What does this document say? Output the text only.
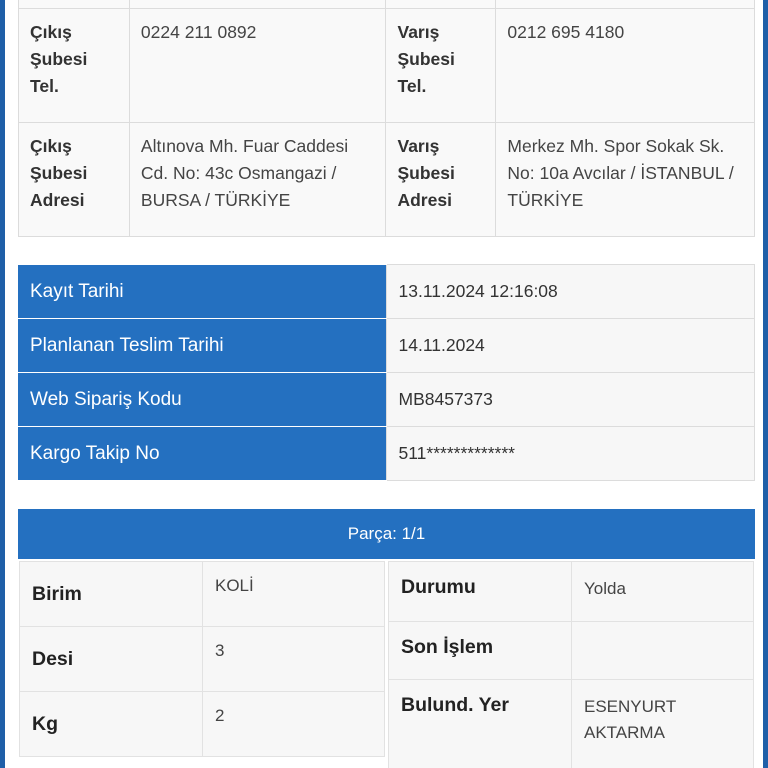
Çıkış Şubesi Tel.	0224 211 0892	Varış Şubesi Tel.	0212 695 4180
Çıkış Şubesi Adresi	Altınova Mh. Fuar Caddesi Cd. No: 43c Osmangazi / BURSA / TÜRKİYE	Varış Şubesi Adresi	Merkez Mh. Spor Sokak Sk. No: 10a Avcılar / İSTANBUL / TÜRKİYE
Kayıt Tarihi	13.11.2024 12:16:08
Planlanan Teslim Tarihi	14.11.2024
Web Sipariş Kodu	MB8457373
Kargo Takip No	511*************
Parça: 1/1
Birim	KOLİ
Desi	3
Kg	2
Durumu	Yolda
Son İşlem	
Bulund. Yer	ESENYURT AKTARMA
